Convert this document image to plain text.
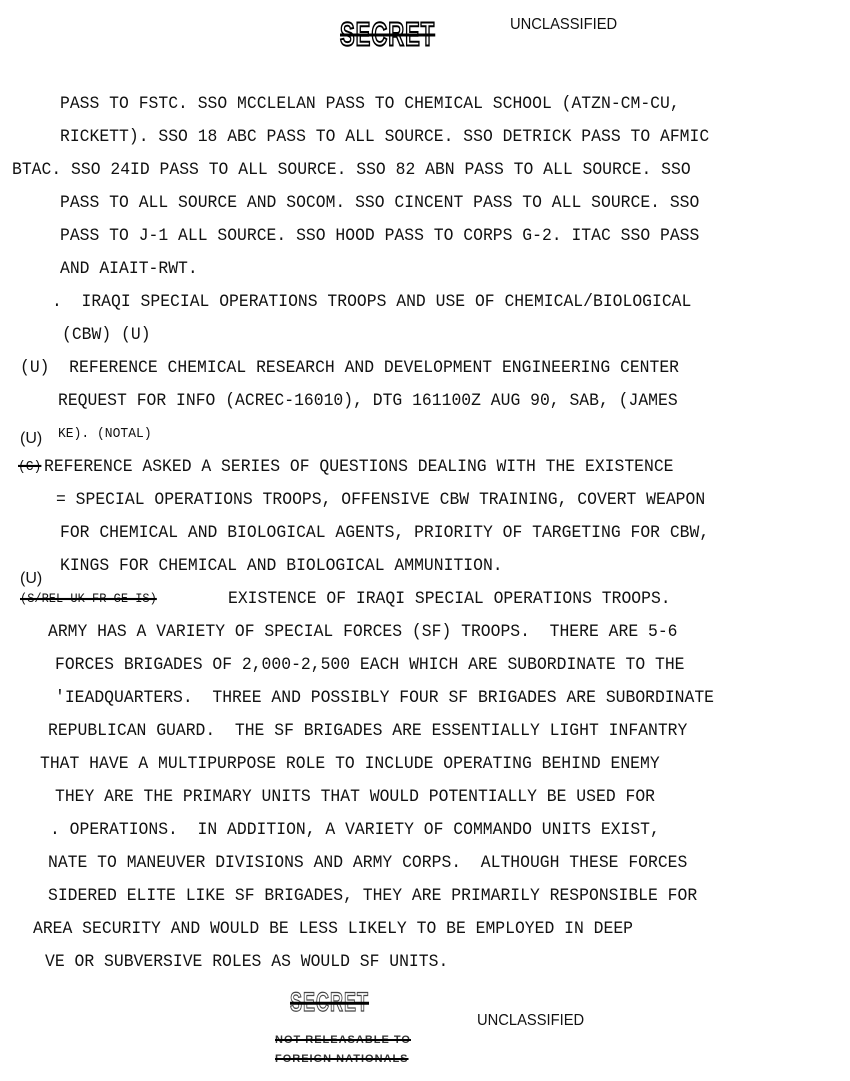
SECRET	UNCLASSIFIED
PASS TO FSTC. SSO MCCLELAN PASS TO CHEMICAL SCHOOL (ATZN-CM-CU,
RICKETT). SSO 18 ABC PASS TO ALL SOURCE. SSO DETRICK PASS TO AFMIC
BTAC. SSO 24ID PASS TO ALL SOURCE. SSO 82 ABN PASS TO ALL SOURCE. SSO
PASS TO ALL SOURCE AND SOCOM. SSO CINCENT PASS TO ALL SOURCE. SSO
PASS TO J-1 ALL SOURCE. SSO HOOD PASS TO CORPS G-2. ITAC SSO PASS
AND AIAIT-RWT.
.  IRAQI SPECIAL OPERATIONS TROOPS AND USE OF CHEMICAL/BIOLOGICAL
(CBW) (U)
(U)  REFERENCE CHEMICAL RESEARCH AND DEVELOPMENT ENGINEERING CENTER
REQUEST FOR INFO (ACREC-16010), DTG 161100Z AUG 90, SAB, (JAMES
(U) KE). (NOTAL)
(C) REFERENCE ASKED A SERIES OF QUESTIONS DEALING WITH THE EXISTENCE
= SPECIAL OPERATIONS TROOPS, OFFENSIVE CBW TRAINING, COVERT WEAPON
FOR CHEMICAL AND BIOLOGICAL AGENTS, PRIORITY OF TARGETING FOR CBW,
KINGS FOR CHEMICAL AND BIOLOGICAL AMMUNITION.
(U)
(S/REL UK FR GE IS)	EXISTENCE OF IRAQI SPECIAL OPERATIONS TROOPS.
ARMY HAS A VARIETY OF SPECIAL FORCES (SF) TROOPS.  THERE ARE 5-6
FORCES BRIGADES OF 2,000-2,500 EACH WHICH ARE SUBORDINATE TO THE
'IEADQUARTERS.  THREE AND POSSIBLY FOUR SF BRIGADES ARE SUBORDINATE
REPUBLICAN GUARD.  THE SF BRIGADES ARE ESSENTIALLY LIGHT INFANTRY
THAT HAVE A MULTIPURPOSE ROLE TO INCLUDE OPERATING BEHIND ENEMY
THEY ARE THE PRIMARY UNITS THAT WOULD POTENTIALLY BE USED FOR
. OPERATIONS.  IN ADDITION, A VARIETY OF COMMANDO UNITS EXIST,
NATE TO MANEUVER DIVISIONS AND ARMY CORPS.  ALTHOUGH THESE FORCES
SIDERED ELITE LIKE SF BRIGADES, THEY ARE PRIMARILY RESPONSIBLE FOR
AREA SECURITY AND WOULD BE LESS LIKELY TO BE EMPLOYED IN DEEP
VE OR SUBVERSIVE ROLES AS WOULD SF UNITS.
SECRET
UNCLASSIFIED
NOT RELEASABLE TO
FOREIGN NATIONALS
